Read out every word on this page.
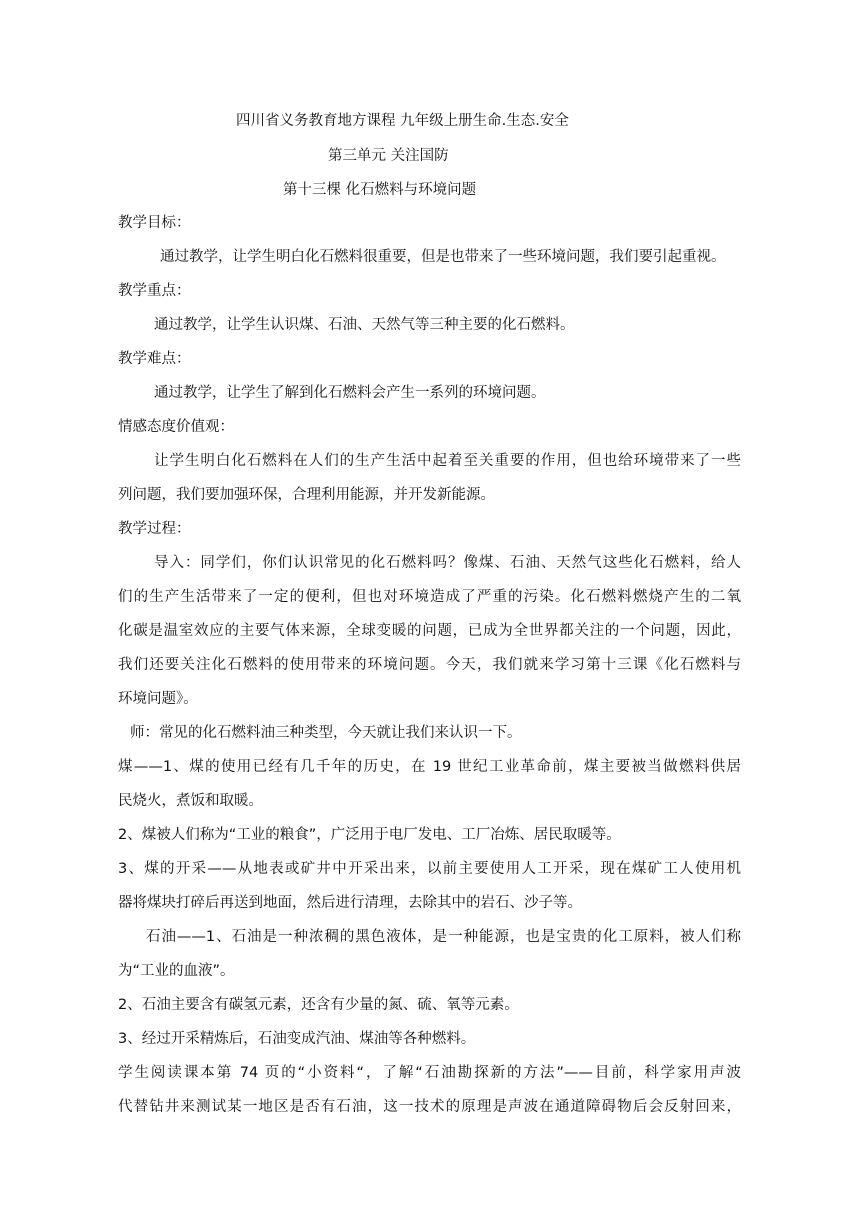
四川省义务教育地方课程 九年级上册生命.生态.安全
第三单元 关注国防
第十三棵 化石燃料与环境问题
教学目标：
通过教学，让学生明白化石燃料很重要，但是也带来了一些环境问题，我们要引起重视。
教学重点：
通过教学，让学生认识煤、石油、天然气等三种主要的化石燃料。
教学难点：
通过教学，让学生了解到化石燃料会产生一系列的环境问题。
情感态度价值观：
让学生明白化石燃料在人们的生产生活中起着至关重要的作用，但也给环境带来了一些
列问题，我们要加强环保，合理利用能源，并开发新能源。
教学过程：
导入：同学们，你们认识常见的化石燃料吗？像煤、石油、天然气这些化石燃料，给人
们的生产生活带来了一定的便利，但也对环境造成了严重的污染。化石燃料燃烧产生的二氧
化碳是温室效应的主要气体来源，全球变暖的问题，已成为全世界都关注的一个问题，因此，
我们还要关注化石燃料的使用带来的环境问题。今天，我们就来学习第十三课《化石燃料与
环境问题》。
师：常见的化石燃料油三种类型，今天就让我们来认识一下。
煤——1、煤的使用已经有几千年的历史，在 19 世纪工业革命前，煤主要被当做燃料供居
民烧火，煮饭和取暖。
2、煤被人们称为“工业的粮食”，广泛用于电厂发电、工厂冶炼、居民取暖等。
3、煤的开采——从地表或矿井中开采出来，以前主要使用人工开采，现在煤矿工人使用机
器将煤块打碎后再送到地面，然后进行清理，去除其中的岩石、沙子等。
石油——1、石油是一种浓稠的黑色液体，是一种能源，也是宝贵的化工原料，被人们称
为“工业的血液”。
2、石油主要含有碳氢元素，还含有少量的氮、硫、氧等元素。
3、经过开采精炼后，石油变成汽油、煤油等各种燃料。
学生阅读课本第 74 页的“小资料“，了解“石油勘探新的方法”——目前，科学家用声波
代替钻井来测试某一地区是否有石油，这一技术的原理是声波在通道障碍物后会反射回来，
